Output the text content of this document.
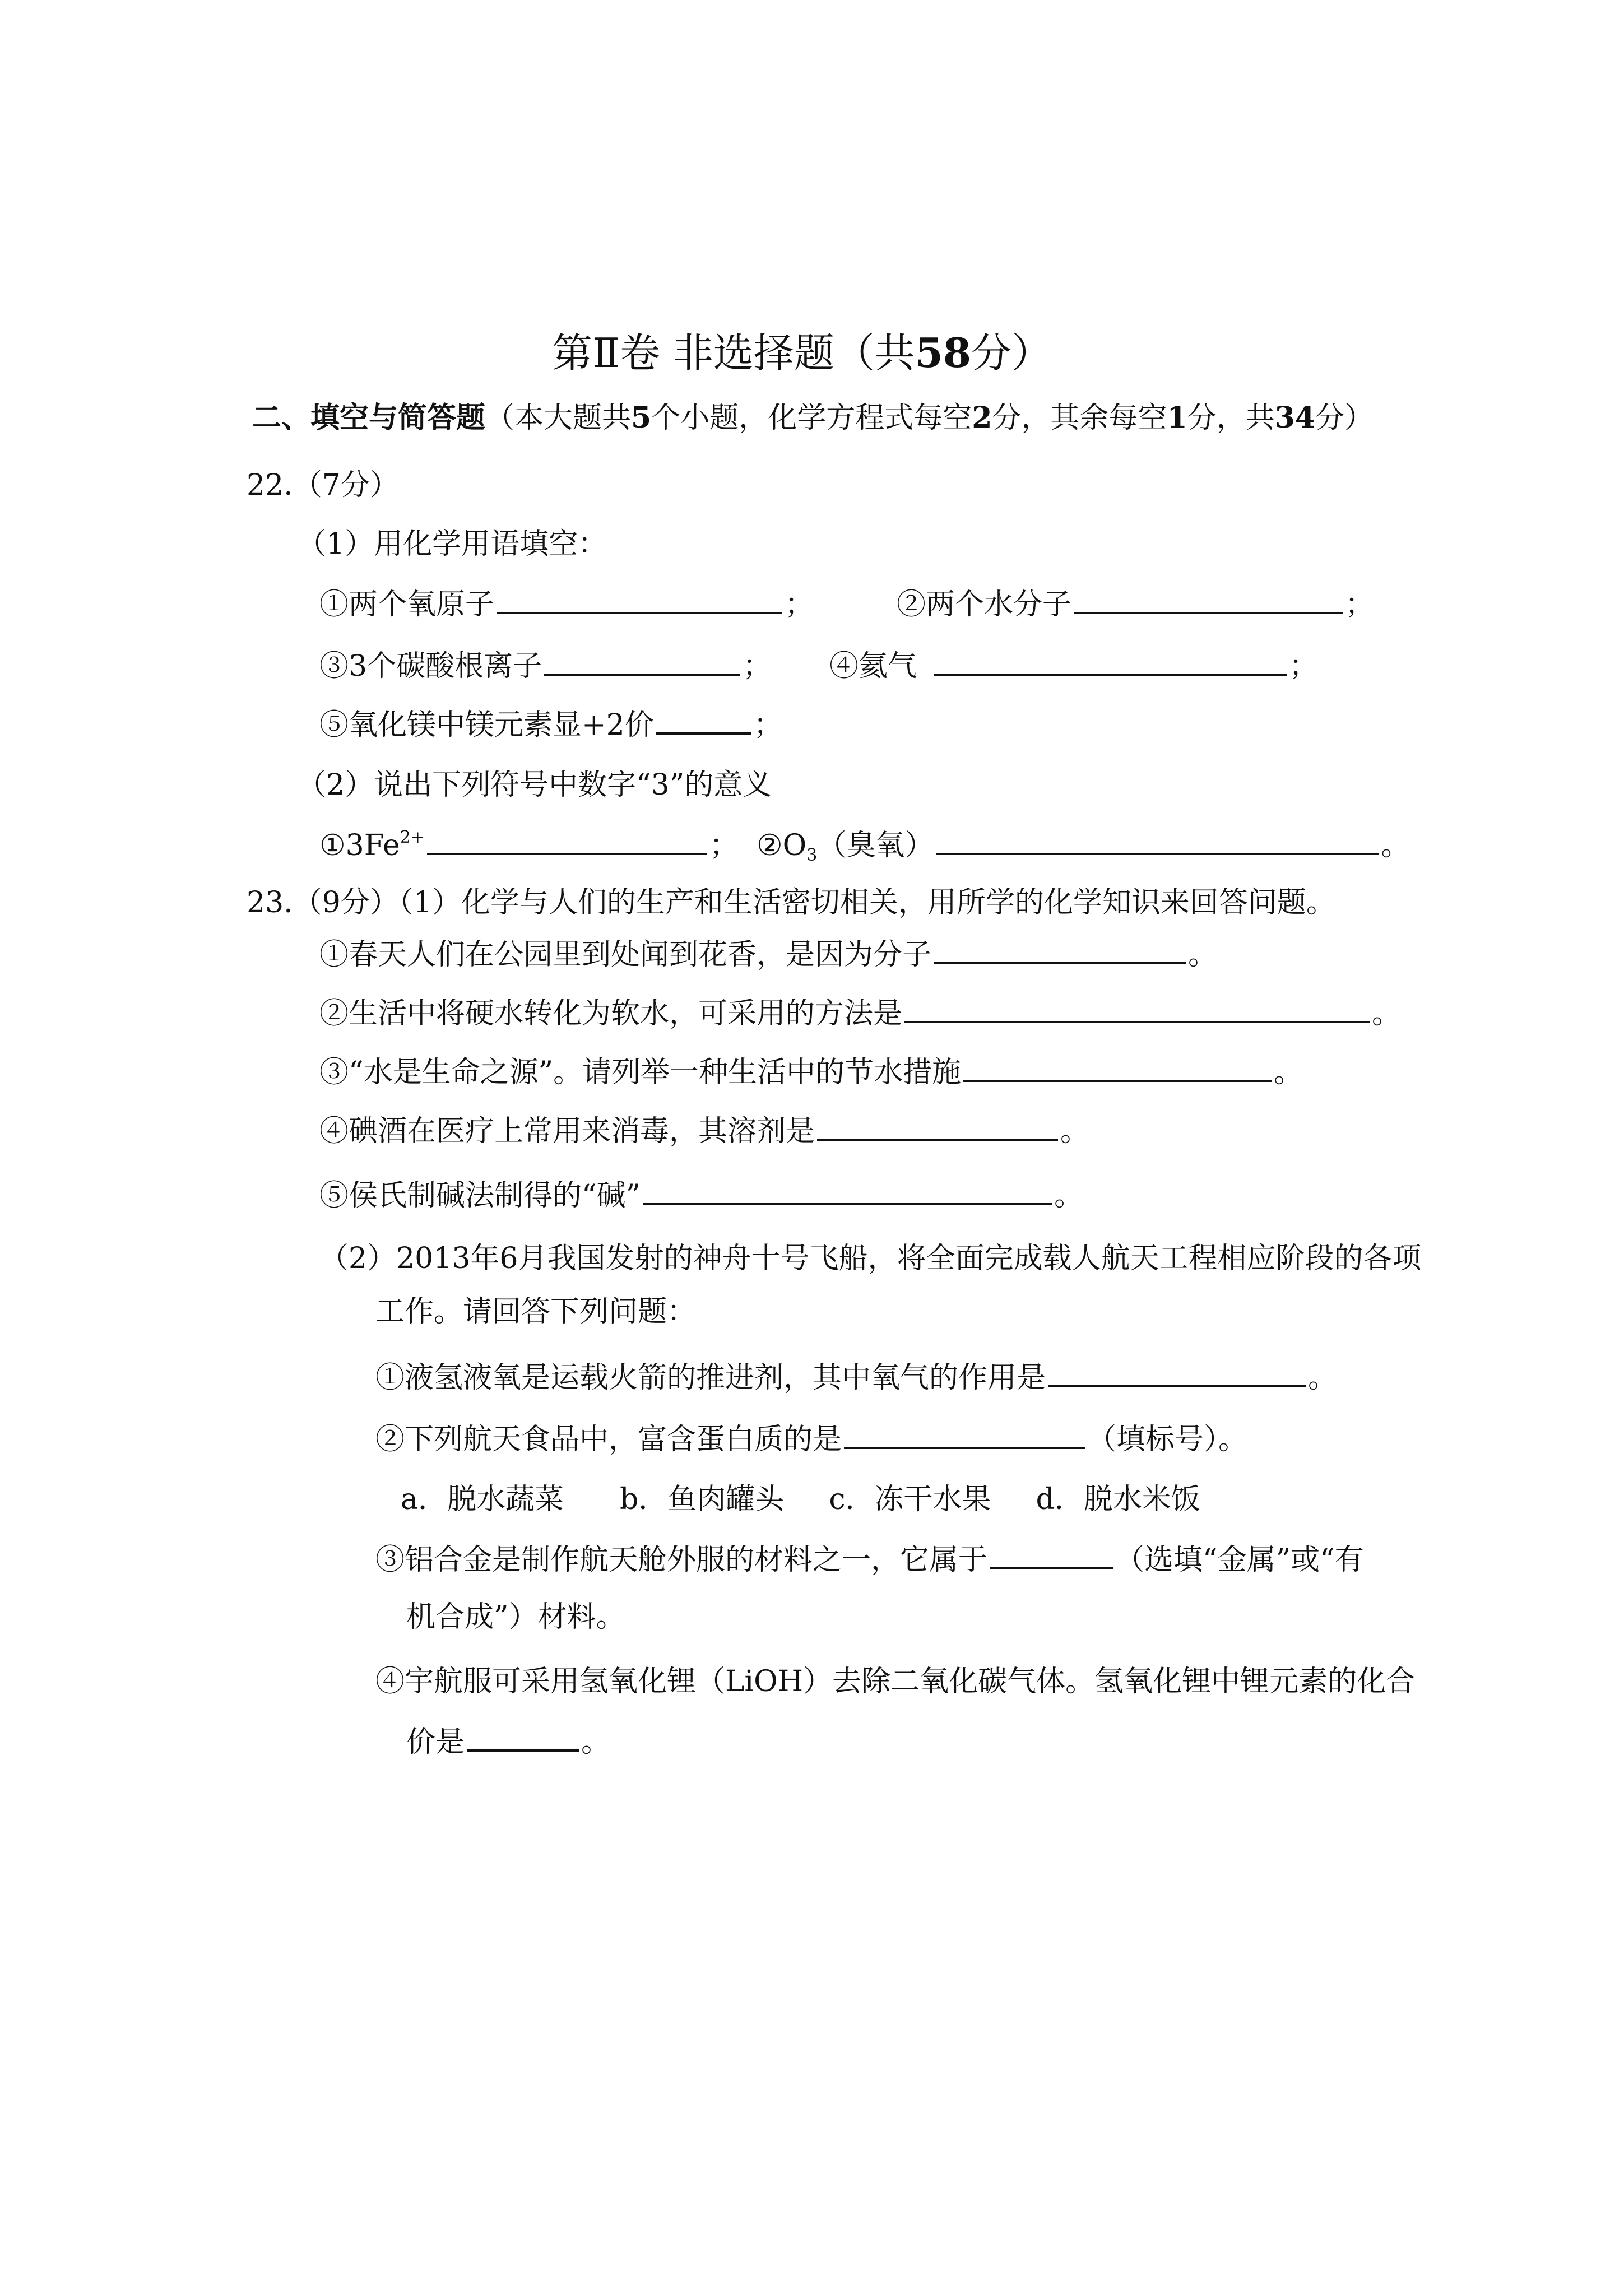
第Ⅱ卷 非选择题（共58分）
二、填空与简答题（本大题共5个小题，化学方程式每空2分，其余每空1分，共34分）
22.（7分）
（1）用化学用语填空：
①两个氧原子	；	②两个水分子	；
③3个碳酸根离子	； ④氦气	；
⑤氧化镁中镁元素显+2价	；
（2）说出下列符号中数字“3”的意义
$①3Fe^{2+}$	； $②O_3$（臭氧）	。
23.（9分）（1）化学与人们的生产和生活密切相关，用所学的化学知识来回答问题。
①春天人们在公园里到处闻到花香，是因为分子	。
②生活中将硬水转化为软水，可采用的方法是	。
③“水是生命之源”。请列举一种生活中的节水措施	。
④碘酒在医疗上常用来消毒，其溶剂是	。
⑤侯氏制碱法制得的“碱”	。
（2）2013年6月我国发射的神舟十号飞船，将全面完成载人航天工程相应阶段的各项
工作。请回答下列问题：
①液氢液氧是运载火箭的推进剂，其中氧气的作用是	。
②下列航天食品中，富含蛋白质的是	（填标号）。
a．脱水蔬菜 b．鱼肉罐头 c．冻干水果 d．脱水米饭
③铝合金是制作航天舱外服的材料之一，它属于	（选填“金属”或“有
机合成”）材料。
④宇航服可采用氢氧化锂（LiOH）去除二氧化碳气体。氢氧化锂中锂元素的化合
价是	。
